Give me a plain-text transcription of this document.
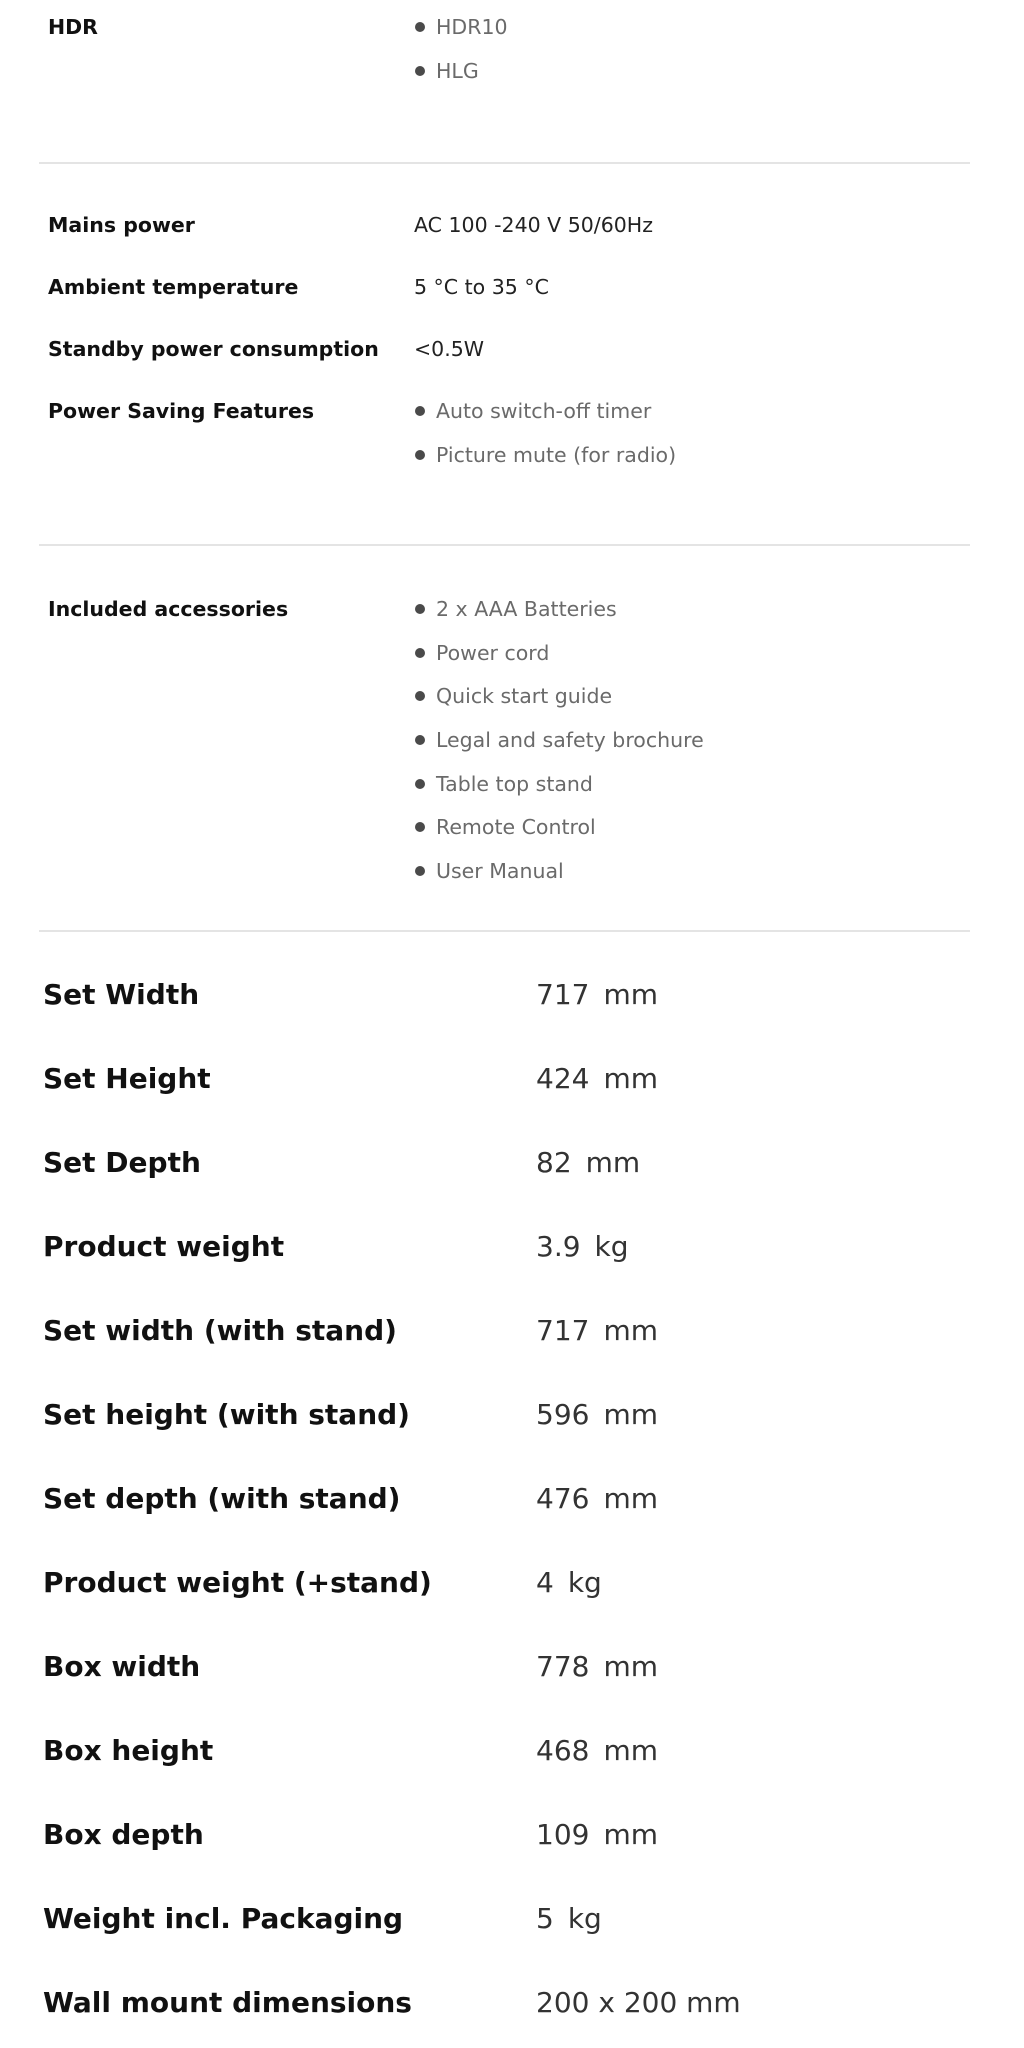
HDR	HDR10
HLG
Mains power	AC 100 -240 V 50/60Hz
Ambient temperature	5 °C to 35 °C
Standby power consumption <0.5W
Power Saving Features	Auto switch-off timer
Picture mute (for radio)
Included accessories	2 x AAA Batteries
Power cord
Quick start guide
Legal and safety brochure
Table top stand
Remote Control
User Manual
Set Width	717 mm
Set Height	424 mm
Set Depth	82 mm
Product weight	3.9 kg
Set width (with stand)	717 mm
Set height (with stand)	596 mm
Set depth (with stand)	476 mm
Product weight (+stand)	4 kg
Box width	778 mm
Box height	468 mm
Box depth	109 mm
Weight incl. Packaging	5 kg
Wall mount dimensions	200 x 200 mm
